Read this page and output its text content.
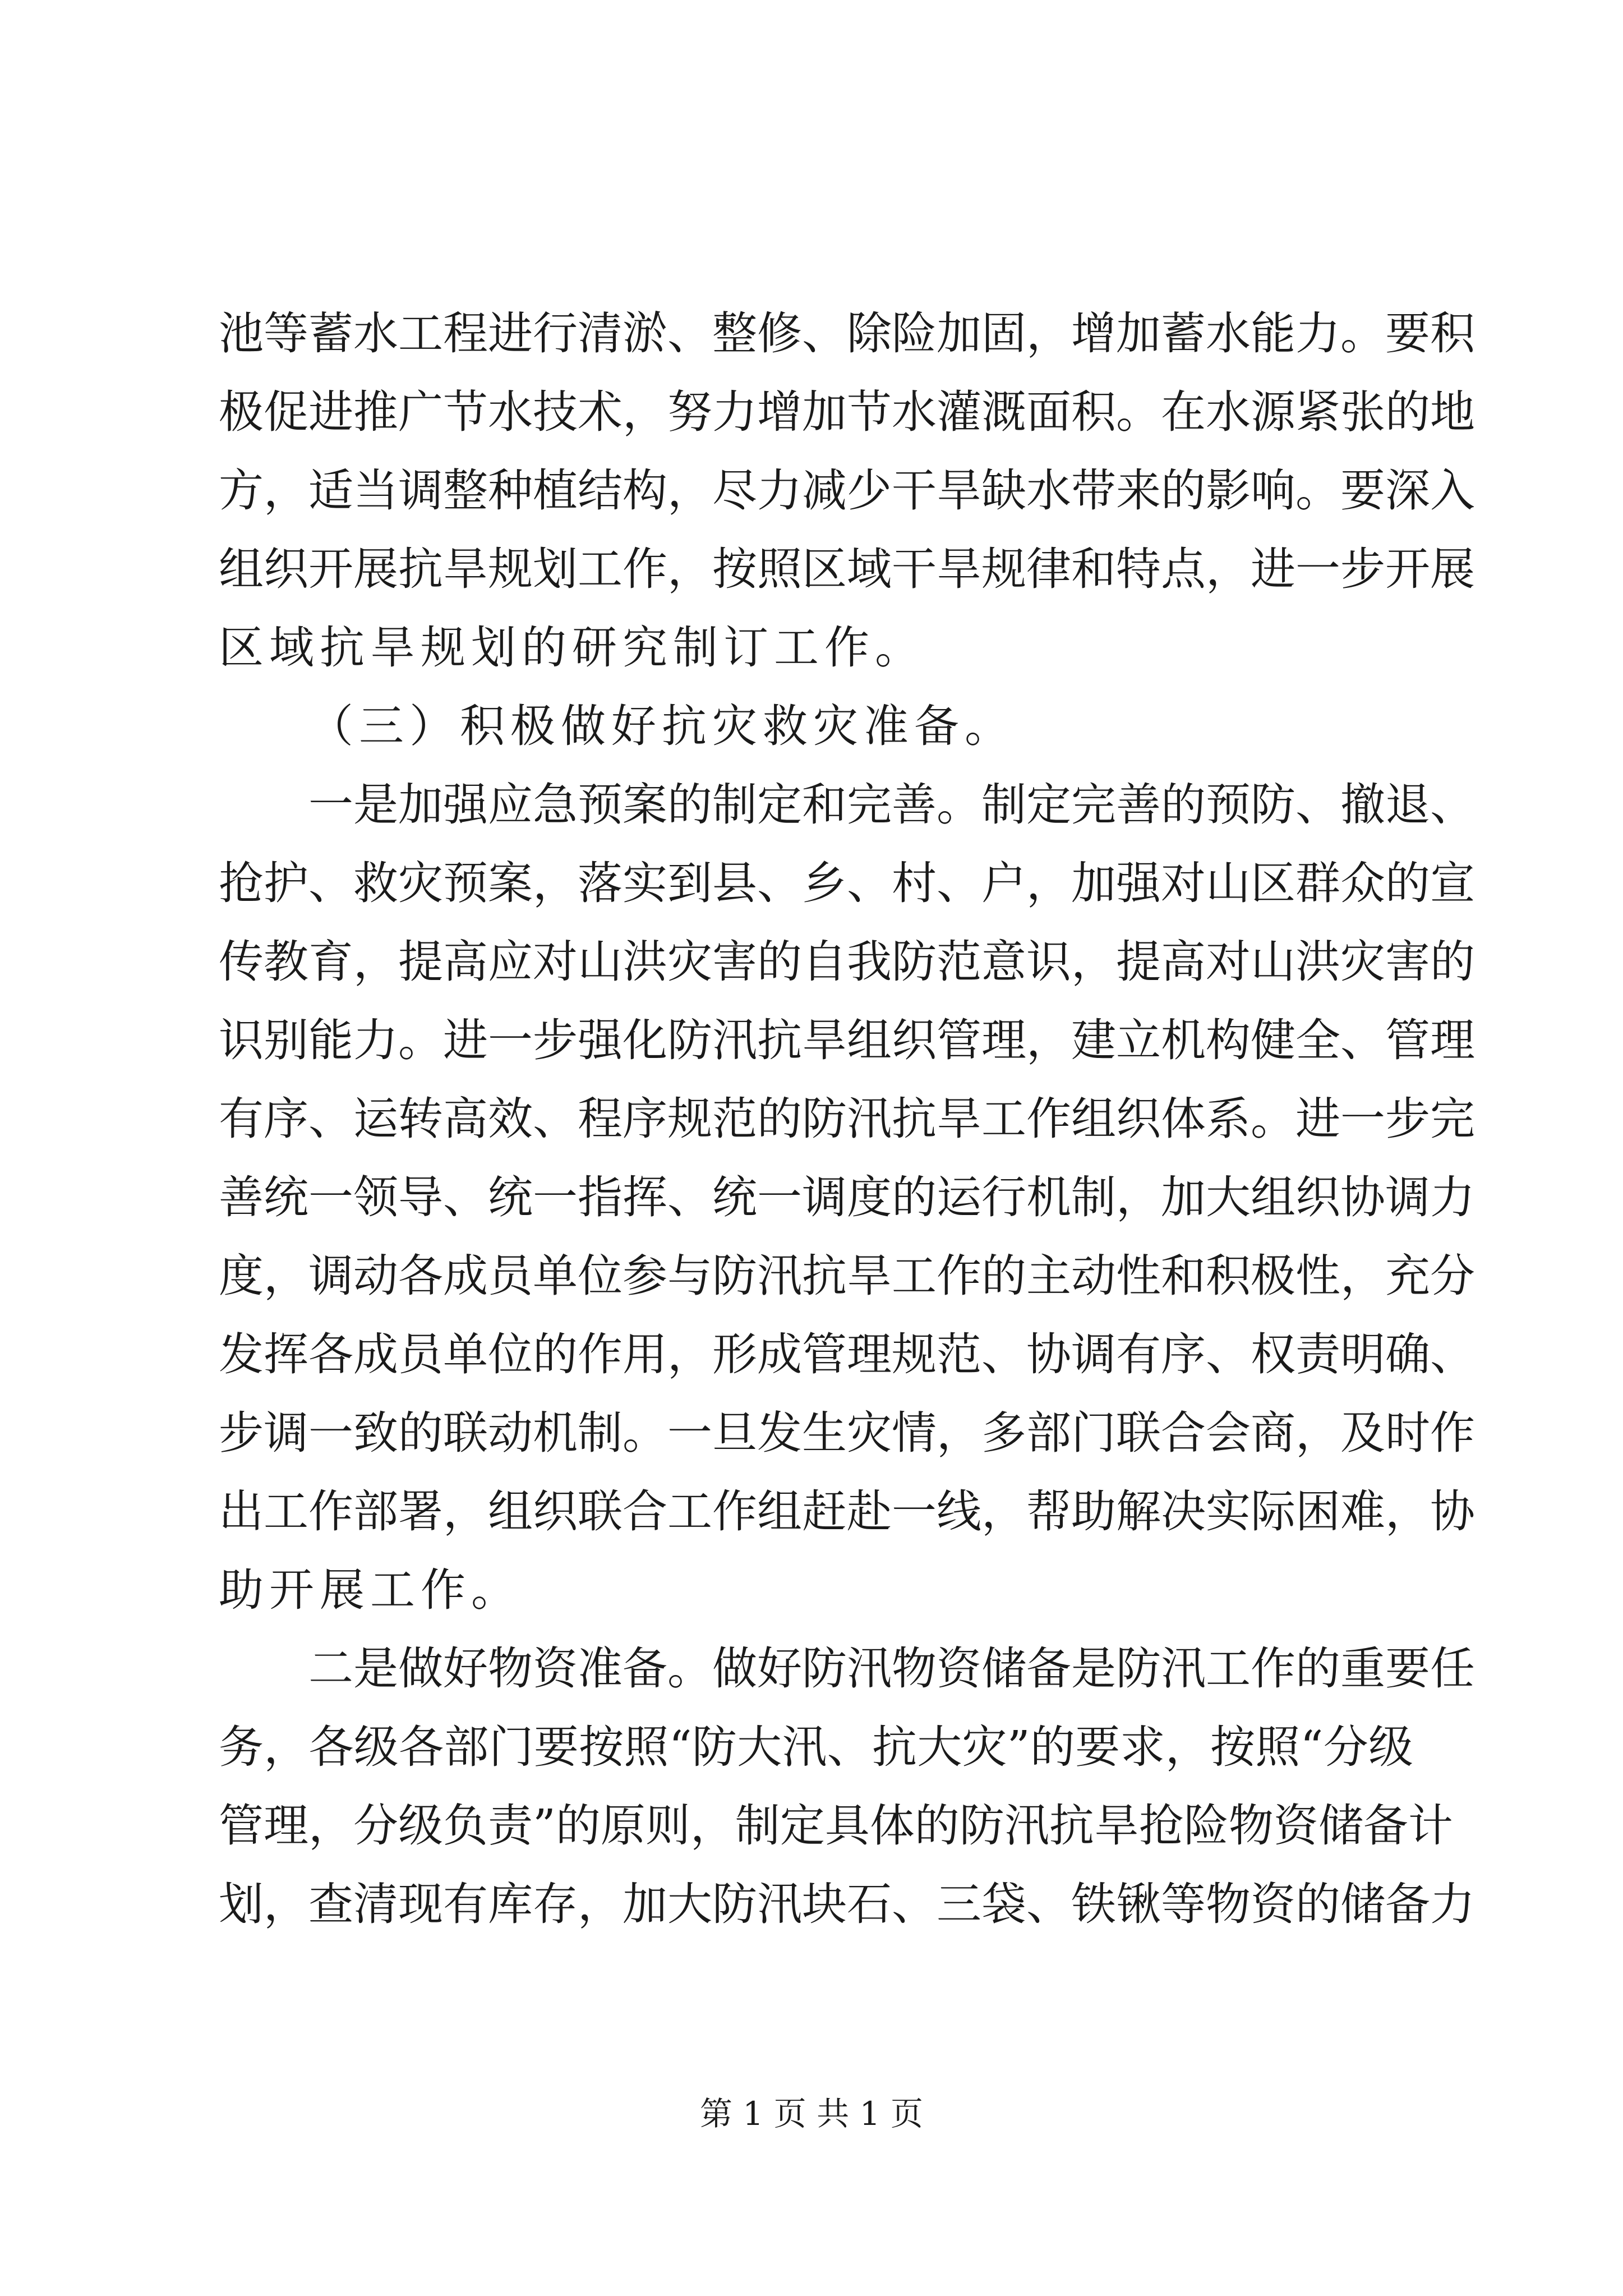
池等蓄水工程进行清淤、整修、除险加固，增加蓄水能力。要积
极促进推广节水技术，努力增加节水灌溉面积。在水源紧张的地
方，适当调整种植结构，尽力减少干旱缺水带来的影响。要深入
组织开展抗旱规划工作，按照区域干旱规律和特点，进一步开展
区域抗旱规划的研究制订工作。
（三）积极做好抗灾救灾准备。
一是加强应急预案的制定和完善。制定完善的预防、撤退、
抢护、救灾预案，落实到县、乡、村、户，加强对山区群众的宣
传教育，提高应对山洪灾害的自我防范意识，提高对山洪灾害的
识别能力。进一步强化防汛抗旱组织管理，建立机构健全、管理
有序、运转高效、程序规范的防汛抗旱工作组织体系。进一步完
善统一领导、统一指挥、统一调度的运行机制，加大组织协调力
度，调动各成员单位参与防汛抗旱工作的主动性和积极性，充分
发挥各成员单位的作用，形成管理规范、协调有序、权责明确、
步调一致的联动机制。一旦发生灾情，多部门联合会商，及时作
出工作部署，组织联合工作组赶赴一线，帮助解决实际困难，协
助开展工作。
二是做好物资准备。做好防汛物资储备是防汛工作的重要任
务，各级各部门要按照“防大汛、抗大灾”的要求，按照“分级
管理，分级负责”的原则，制定具体的防汛抗旱抢险物资储备计
划，查清现有库存，加大防汛块石、三袋、铁锹等物资的储备力
第 1 页 共 1 页
